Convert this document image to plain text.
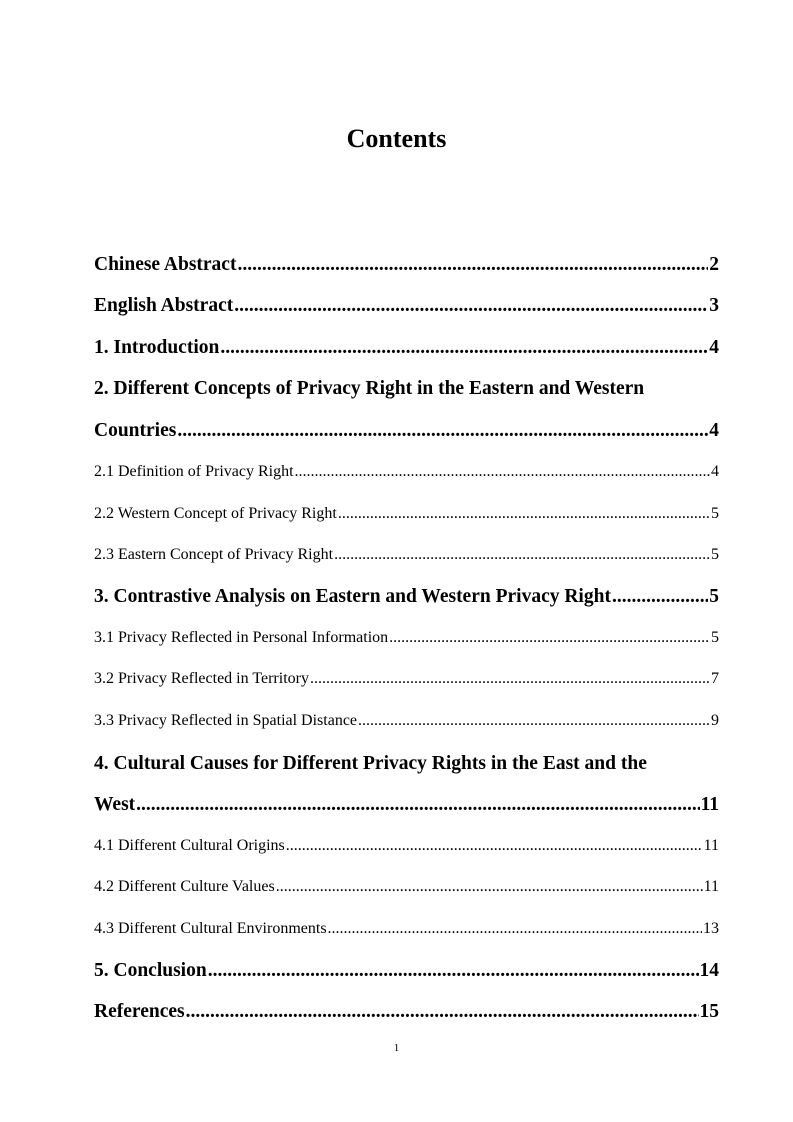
Contents
Chinese Abstract .....	2
English Abstract .....	3
1. Introduction .....	4
2. Different Concepts of Privacy Right in the Eastern and Western
Countries .....	4
2.1 Definition of Privacy Right .....	4
2.2 Western Concept of Privacy Right .....	5
2.3 Eastern Concept of Privacy Right .....	5
3. Contrastive Analysis on Eastern and Western Privacy Right .....	5
3.1 Privacy Reflected in Personal Information .....	5
3.2 Privacy Reflected in Territory .....	7
3.3 Privacy Reflected in Spatial Distance .....	9
4. Cultural Causes for Different Privacy Rights in the East and the
West .....	11
4.1 Different Cultural Origins .....	11
4.2 Different Culture Values .....	11
4.3 Different Cultural Environments .....	13
5. Conclusion .....	14
References .....	15
1
